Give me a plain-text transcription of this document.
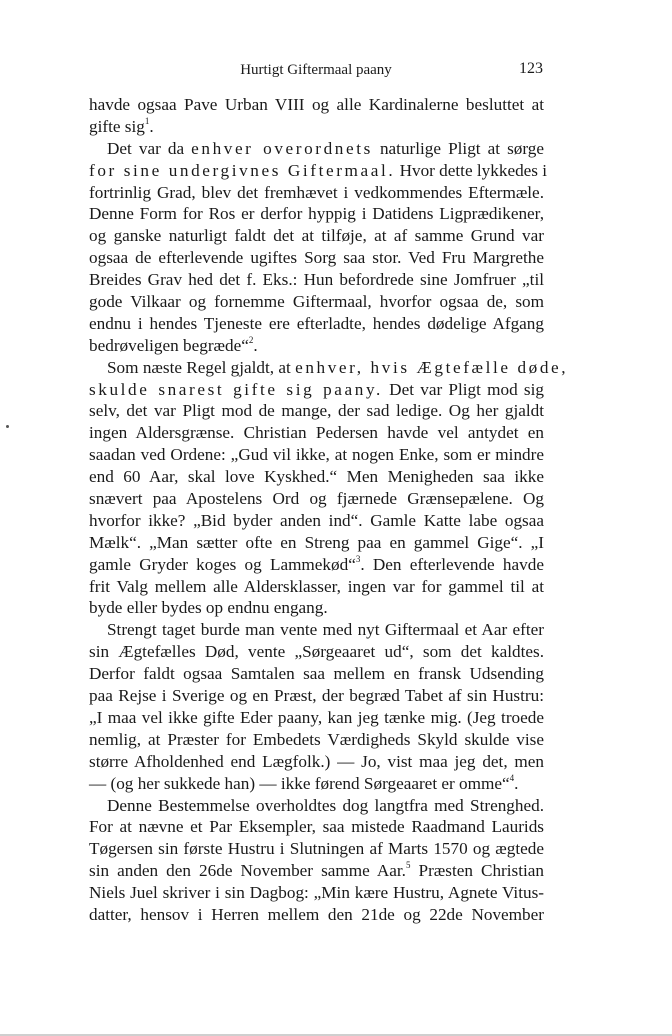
Hurtigt Giftermaal paany	123
havde ogsaa Pave Urban VIII og alle Kardinalerne besluttet at
gifte sig$^1$.
Det var da enhver overordnets naturlige Pligt at sørge
for sine undergivnes Giftermaal. Hvor dette lykkedes i
fortrinlig Grad, blev det fremhævet i vedkommendes Eftermæle.
Denne Form for Ros er derfor hyppig i Datidens Ligprædikener,
og ganske naturligt faldt det at tilføje, at af samme Grund var
ogsaa de efterlevende ugiftes Sorg saa stor. Ved Fru Margrethe
Breides Grav hed det f. Eks.: Hun befordrede sine Jomfruer „til
gode Vilkaar og fornemme Giftermaal, hvorfor ogsaa de, som
endnu i hendes Tjeneste ere efterladte, hendes dødelige Afgang
bedrøveligen begræde“$^2$.
Som næste Regel gjaldt, at enhver, hvis Ægtefælle døde,
skulde snarest gifte sig paany. Det var Pligt mod sig
selv, det var Pligt mod de mange, der sad ledige. Og her gjaldt
ingen Aldersgrænse. Christian Pedersen havde vel antydet en
saadan ved Ordene: „Gud vil ikke, at nogen Enke, som er mindre
end 60 Aar, skal love Kyskhed.“ Men Menigheden saa ikke
snævert paa Apostelens Ord og fjærnede Grænsepælene. Og
hvorfor ikke? „Bid byder anden ind“. Gamle Katte labe ogsaa
Mælk“. „Man sætter ofte en Streng paa en gammel Gige“. „I
gamle Gryder koges og Lammekød“$^3$. Den efterlevende havde
frit Valg mellem alle Aldersklasser, ingen var for gammel til at
byde eller bydes op endnu engang.
Strengt taget burde man vente med nyt Giftermaal et Aar efter
sin Ægtefælles Død, vente „Sørgeaaret ud“, som det kaldtes.
Derfor faldt ogsaa Samtalen saa mellem en fransk Udsending
paa Rejse i Sverige og en Præst, der begræd Tabet af sin Hustru:
„I maa vel ikke gifte Eder paany, kan jeg tænke mig. (Jeg troede
nemlig, at Præster for Embedets Værdigheds Skyld skulde vise
større Afholdenhed end Lægfolk.) — Jo, vist maa jeg det, men
— (og her sukkede han) — ikke førend Sørgeaaret er omme“$^4$.
Denne Bestemmelse overholdtes dog langtfra med Strenghed.
For at nævne et Par Eksempler, saa mistede Raadmand Laurids
Tøgersen sin første Hustru i Slutningen af Marts 1570 og ægtede
sin anden den 26de November samme Aar.$^5$ Præsten Christian
Niels Juel skriver i sin Dagbog: „Min kære Hustru, Agnete Vitus-
datter, hensov i Herren mellem den 21de og 22de November
